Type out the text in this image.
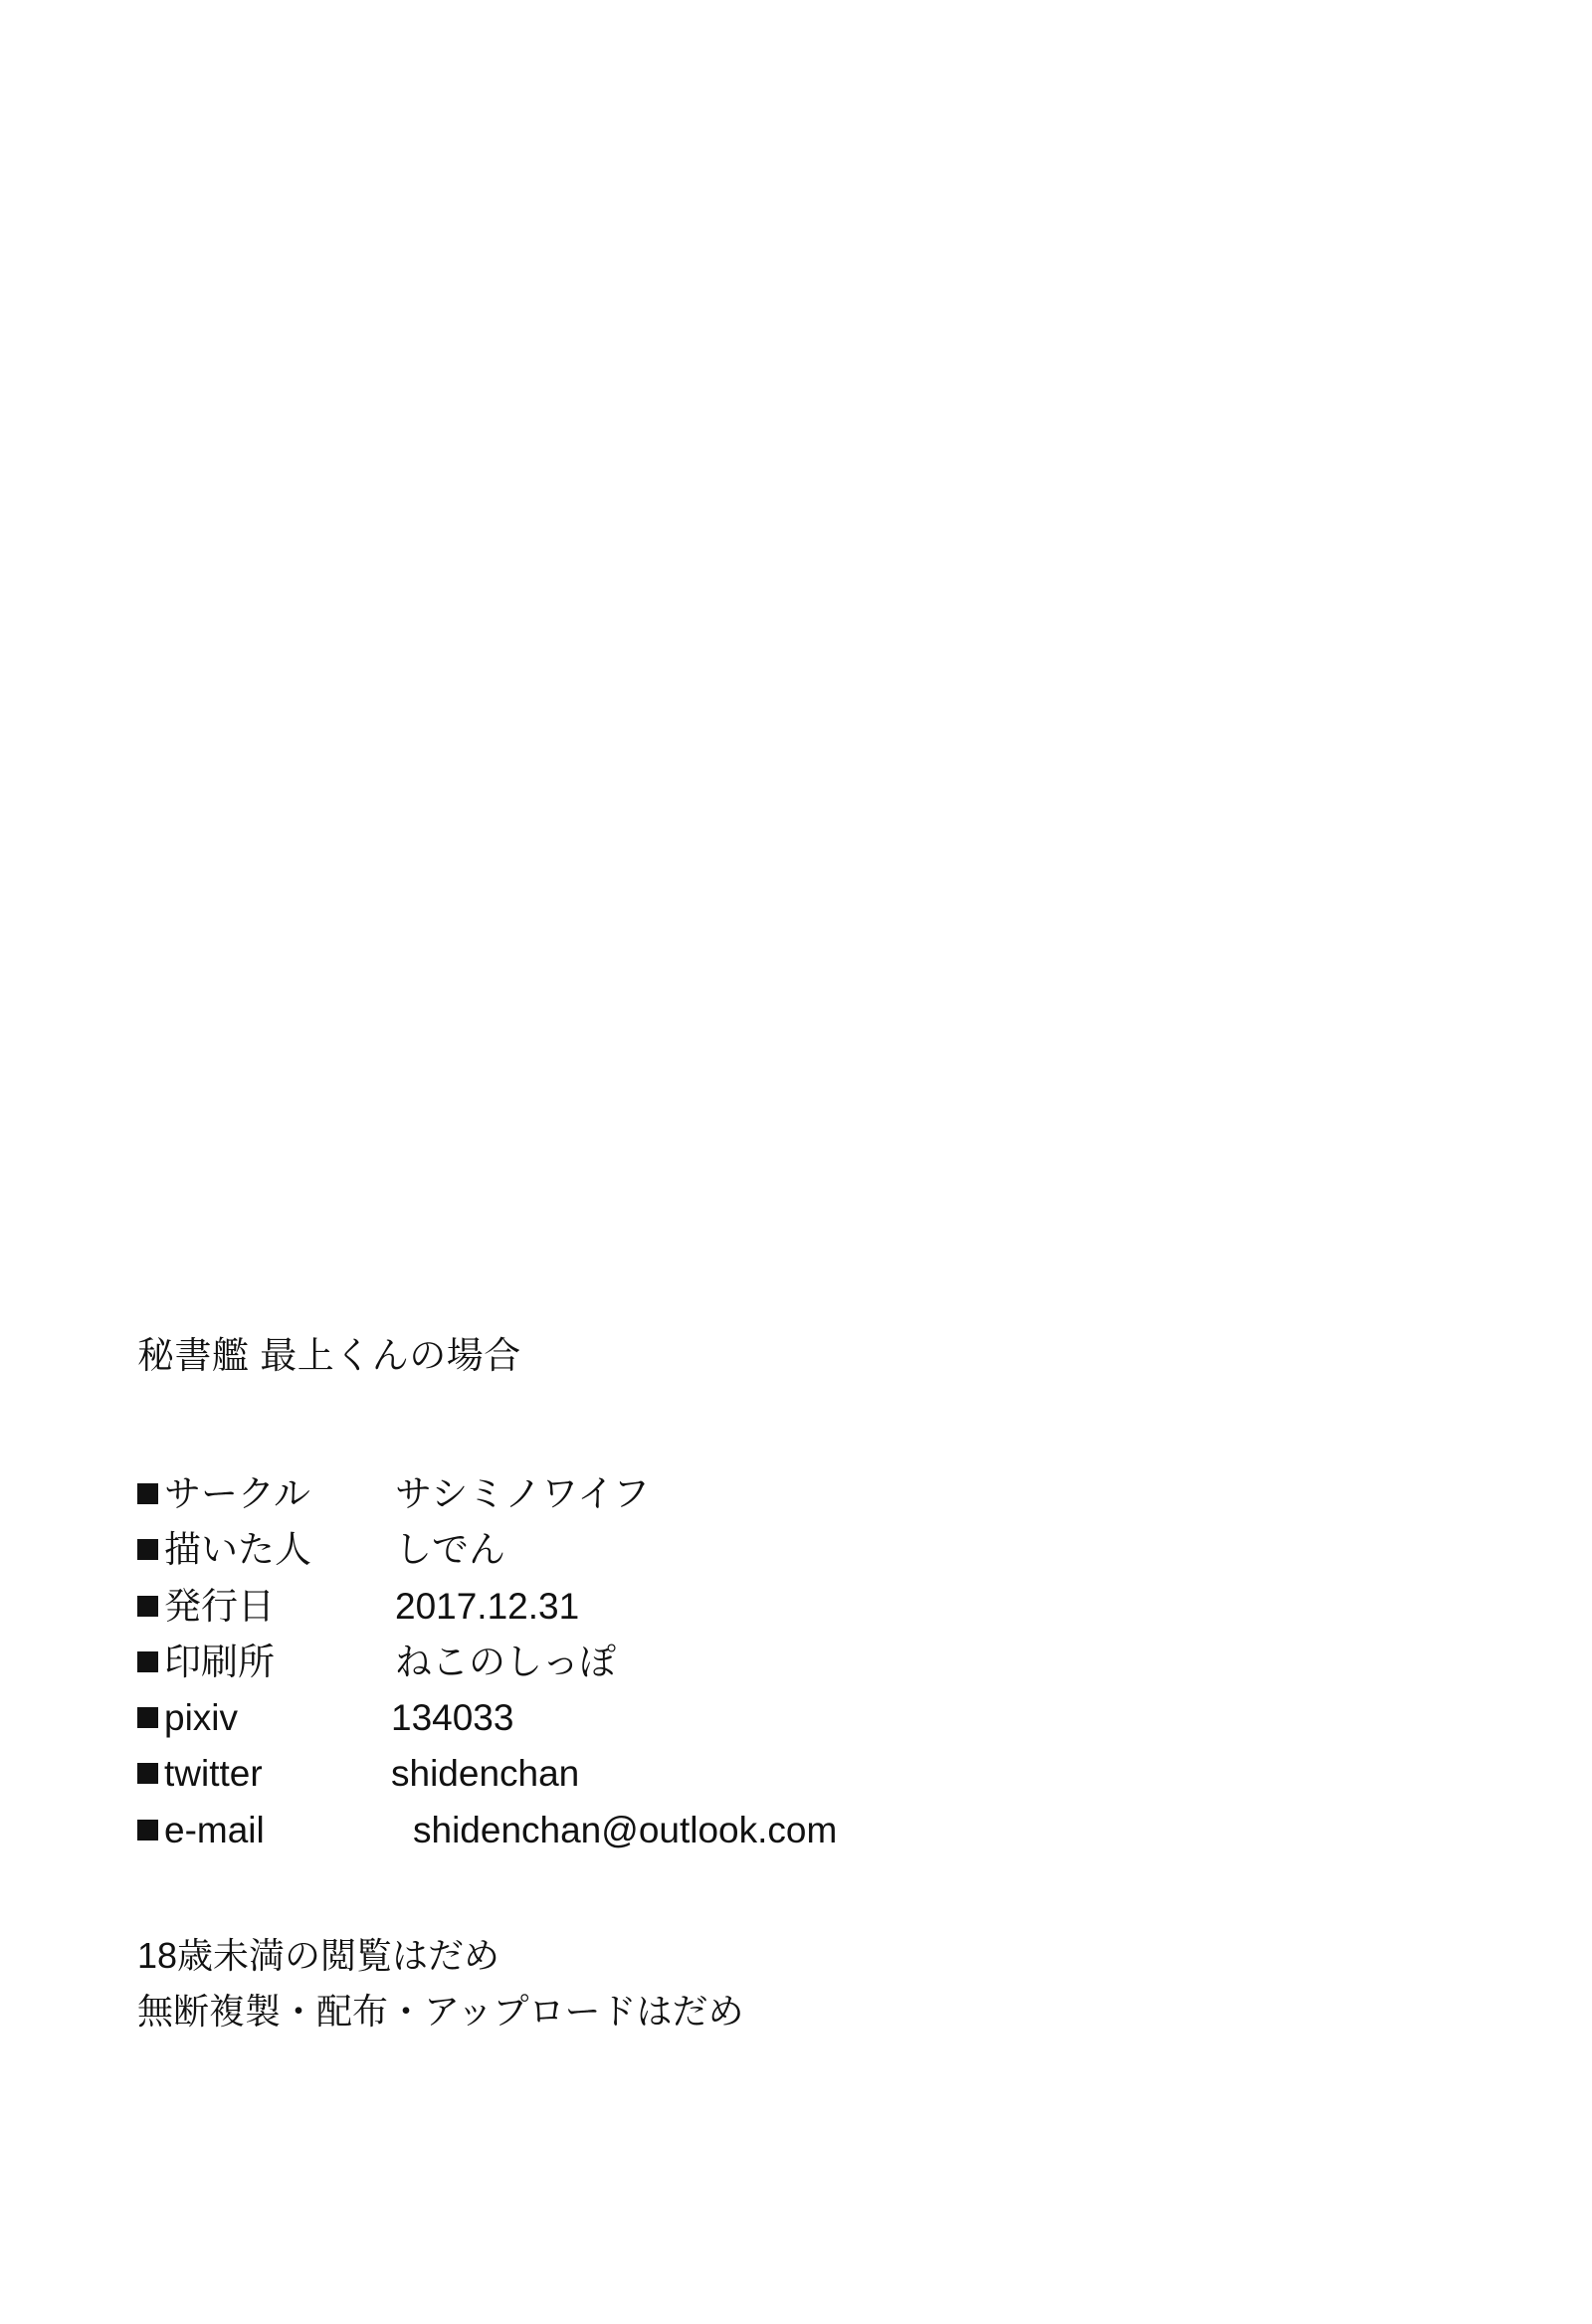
秘書艦 最上くんの場合
サークル	サシミノワイフ
描いた人	しでん
発行日	2017.12.31
印刷所	ねこのしっぽ
pixiv	134033
twitter	shidenchan
e-mail	shidenchan@outlook.com
18歳未満の閲覧はだめ
無断複製・配布・アップロードはだめ
